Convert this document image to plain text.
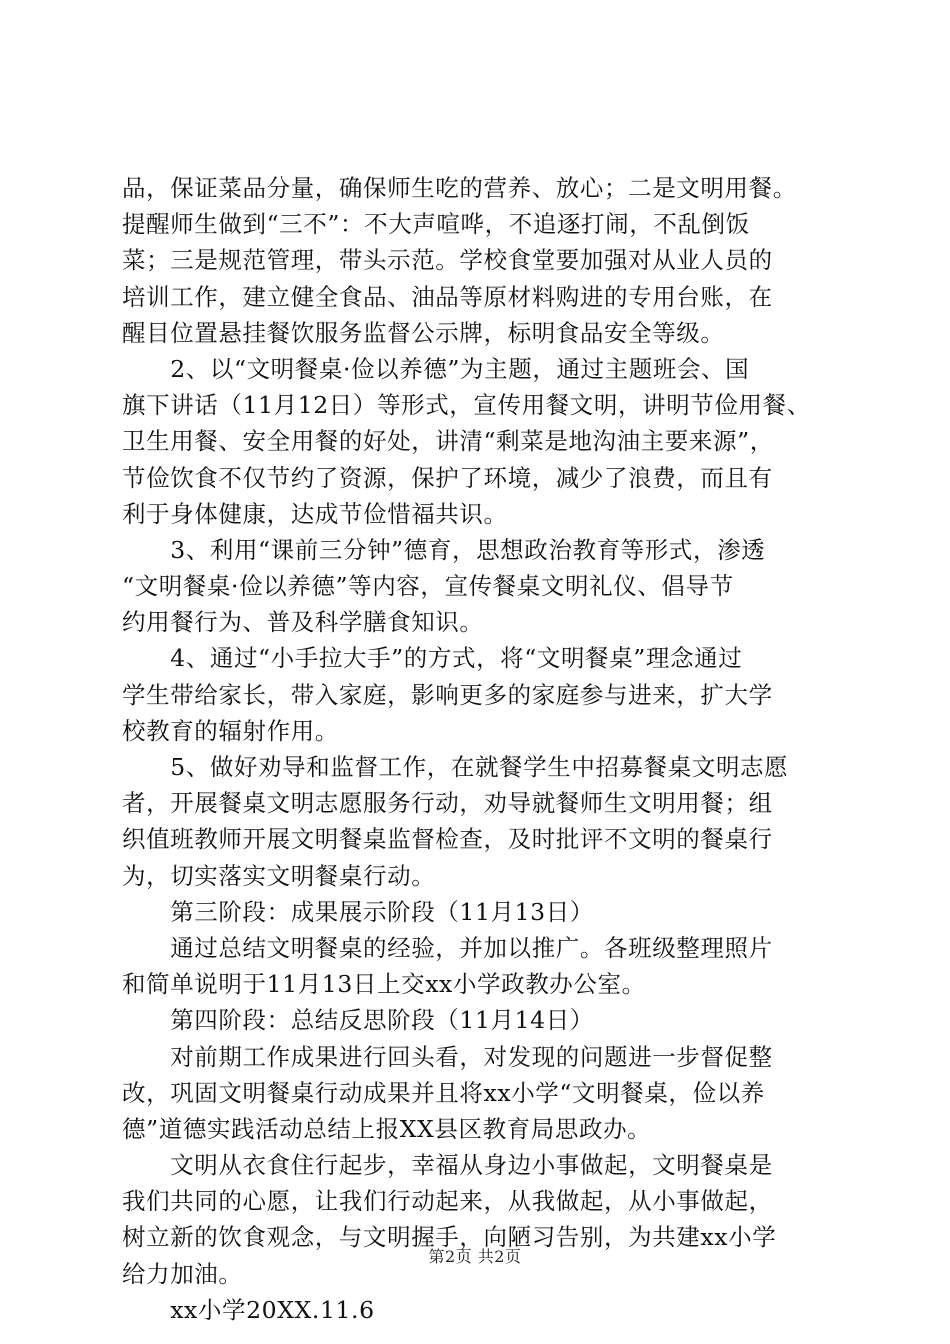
品，保证菜品分量，确保师生吃的营养、放心；二是文明用餐。
提醒师生做到“三不”：不大声喧哗，不追逐打闹，不乱倒饭
菜；三是规范管理，带头示范。学校食堂要加强对从业人员的
培训工作，建立健全食品、油品等原材料购进的专用台账，在
醒目位置悬挂餐饮服务监督公示牌，标明食品安全等级。
　　2、以“文明餐桌·俭以养德”为主题，通过主题班会、国
旗下讲话（11月12日）等形式，宣传用餐文明，讲明节俭用餐、
卫生用餐、安全用餐的好处，讲清“剩菜是地沟油主要来源”，
节俭饮食不仅节约了资源，保护了环境，减少了浪费，而且有
利于身体健康，达成节俭惜福共识。
　　3、利用“课前三分钟”德育，思想政治教育等形式，渗透
“文明餐桌·俭以养德”等内容，宣传餐桌文明礼仪、倡导节
约用餐行为、普及科学膳食知识。
　　4、通过“小手拉大手”的方式，将“文明餐桌”理念通过
学生带给家长，带入家庭，影响更多的家庭参与进来，扩大学
校教育的辐射作用。
　　5、做好劝导和监督工作，在就餐学生中招募餐桌文明志愿
者，开展餐桌文明志愿服务行动，劝导就餐师生文明用餐；组
织值班教师开展文明餐桌监督检查，及时批评不文明的餐桌行
为，切实落实文明餐桌行动。
　　第三阶段：成果展示阶段（11月13日）
　　通过总结文明餐桌的经验，并加以推广。各班级整理照片
和简单说明于11月13日上交xx小学政教办公室。
　　第四阶段：总结反思阶段（11月14日）
　　对前期工作成果进行回头看，对发现的问题进一步督促整
改，巩固文明餐桌行动成果并且将xx小学“文明餐桌，俭以养
德”道德实践活动总结上报XX县区教育局思政办。
　　文明从衣食住行起步，幸福从身边小事做起，文明餐桌是
我们共同的心愿，让我们行动起来，从我做起，从小事做起，
树立新的饮食观念，与文明握手，向陋习告别，为共建xx小学
给力加油。
　　xx小学20XX.11.6
第2页 共2页
